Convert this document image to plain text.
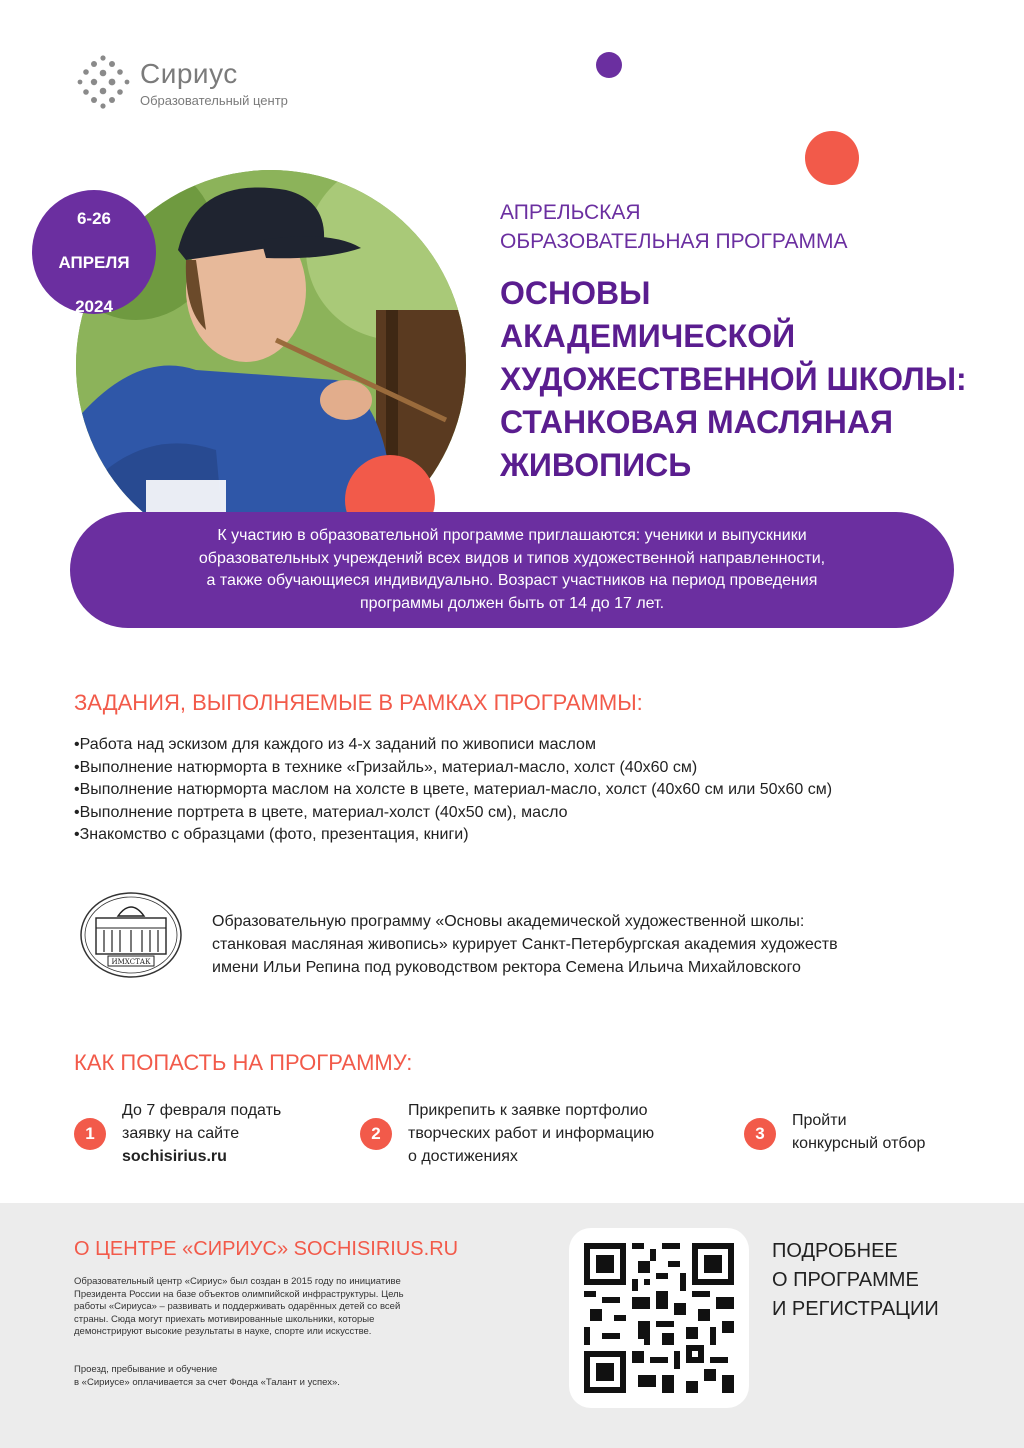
Сириус
Образовательный центр

6-26

АПРЕЛЯ

2024

АПРЕЛЬСКАЯ
ОБРАЗОВАТЕЛЬНАЯ ПРОГРАММА
ОСНОВЫ
АКАДЕМИЧЕСКОЙ
ХУДОЖЕСТВЕННОЙ ШКОЛЫ:
СТАНКОВАЯ МАСЛЯНАЯ
ЖИВОПИСЬ
К участию в образовательной программе приглашаются: ученики и выпускники
образовательных учреждений всех видов и типов художественной направленности,
а также обучающиеся индивидуально. Возраст участников на период проведения
программы должен быть от 14 до 17 лет.
ЗАДАНИЯ, ВЫПОЛНЯЕМЫЕ В РАМКАХ ПРОГРАММЫ:
• Работа над эскизом для каждого из 4-х заданий по живописи маслом
• Выполнение натюрморта в технике «Гризайль», материал-масло, холст (40х60 см)
• Выполнение натюрморта маслом на холсте в цвете, материал-масло, холст (40х60 см или 50х60 см)
• Выполнение портрета в цвете, материал-холст (40х50 см), масло
• Знакомство с образцами (фото, презентация, книги)
ИМХСТАК
Образовательную программу «Основы академической художественной школы:
станковая масляная живопись» курирует Санкт-Петербургская академия художеств
имени Ильи Репина под руководством ректора Семена Ильича Михайловского
КАК ПОПАСТЬ НА ПРОГРАММУ:
1
До 7 февраля подать
заявку на сайте
sochisirius.ru
2
Прикрепить к заявке портфолио
творческих работ и информацию
о достижениях
3
Пройти
конкурсный отбор
О ЦЕНТРЕ «СИРИУС» SOCHISIRIUS.RU
Образовательный центр «Сириус» был создан в 2015 году по инициативе
Президента России на базе объектов олимпийской инфраструктуры. Цель
работы «Сириуса» – развивать и поддерживать одарённых детей со всей
страны. Сюда могут приехать мотивированные школьники, которые
демонстрируют высокие результаты в науке, спорте или искусстве.
Проезд, пребывание и обучение
в «Сириусе» оплачивается за счет Фонда «Талант и успех».
ПОДРОБНЕЕ
О ПРОГРАММЕ
И РЕГИСТРАЦИИ
